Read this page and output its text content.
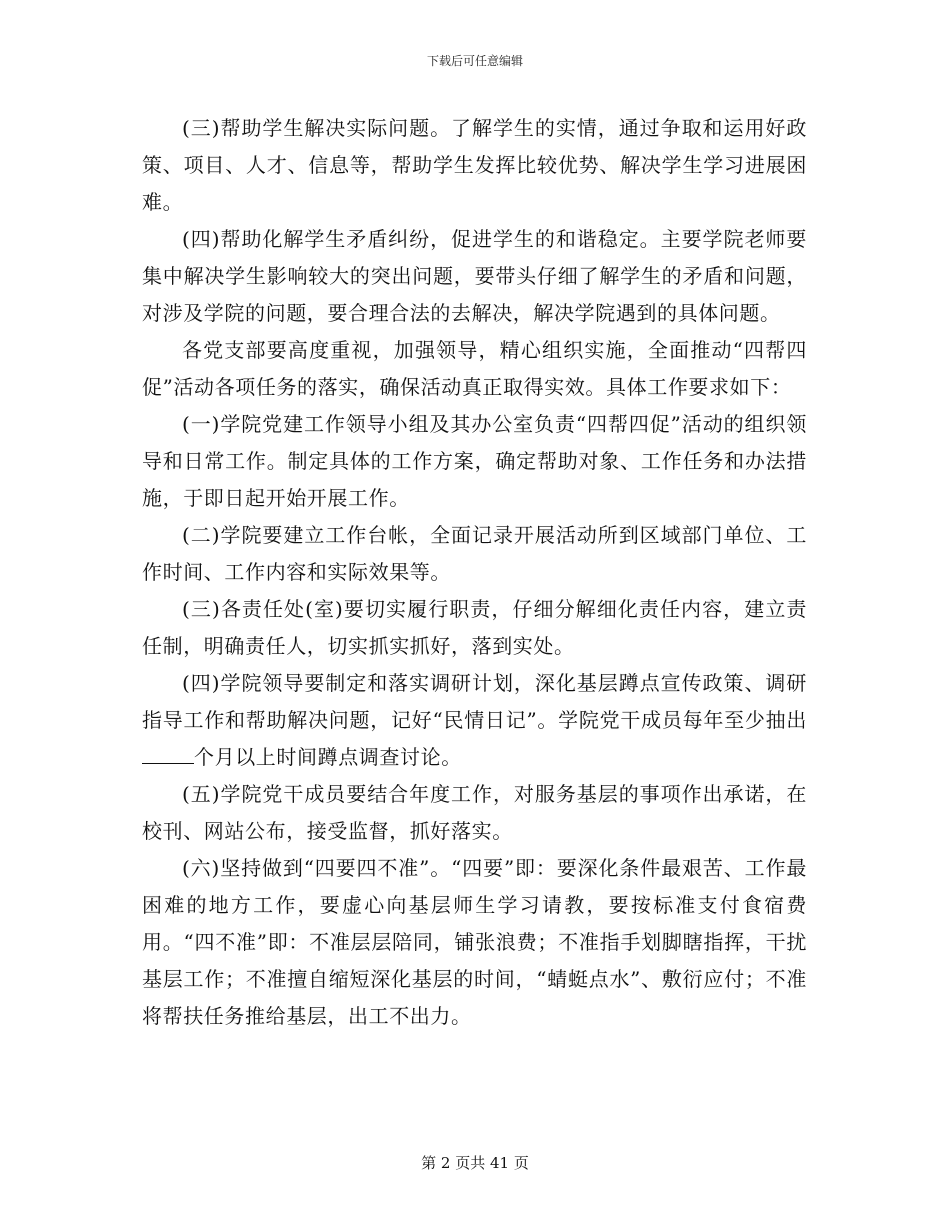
下载后可任意编辑

(三)帮助学生解决实际问题。了解学生的实情，通过争取和运用好政策、项目、人才、信息等，帮助学生发挥比较优势、解决学生学习进展困难。

(四)帮助化解学生矛盾纠纷，促进学生的和谐稳定。主要学院老师要集中解决学生影响较大的突出问题，要带头仔细了解学生的矛盾和问题，对涉及学院的问题，要合理合法的去解决，解决学院遇到的具体问题。

各党支部要高度重视，加强领导，精心组织实施，全面推动“四帮四促”活动各项任务的落实，确保活动真正取得实效。具体工作要求如下：

(一)学院党建工作领导小组及其办公室负责“四帮四促”活动的组织领导和日常工作。制定具体的工作方案，确定帮助对象、工作任务和办法措施，于即日起开始开展工作。

(二)学院要建立工作台帐，全面记录开展活动所到区域部门单位、工作时间、工作内容和实际效果等。

(三)各责任处(室)要切实履行职责，仔细分解细化责任内容，建立责任制，明确责任人，切实抓实抓好，落到实处。

(四)学院领导要制定和落实调研计划，深化基层蹲点宣传政策、调研指导工作和帮助解决问题，记好“民情日记”。学院党干成员每年至少抽出个月以上时间蹲点调查讨论。

(五)学院党干成员要结合年度工作，对服务基层的事项作出承诺，在校刊、网站公布，接受监督，抓好落实。

(六)坚持做到“四要四不准”。“四要”即：要深化条件最艰苦、工作最困难的地方工作，要虚心向基层师生学习请教，要按标准支付食宿费用。“四不准”即：不准层层陪同，铺张浪费；不准指手划脚瞎指挥，干扰基层工作；不准擅自缩短深化基层的时间，“蜻蜓点水”、敷衍应付；不准将帮扶任务推给基层，出工不出力。

第 2 页共 41 页
